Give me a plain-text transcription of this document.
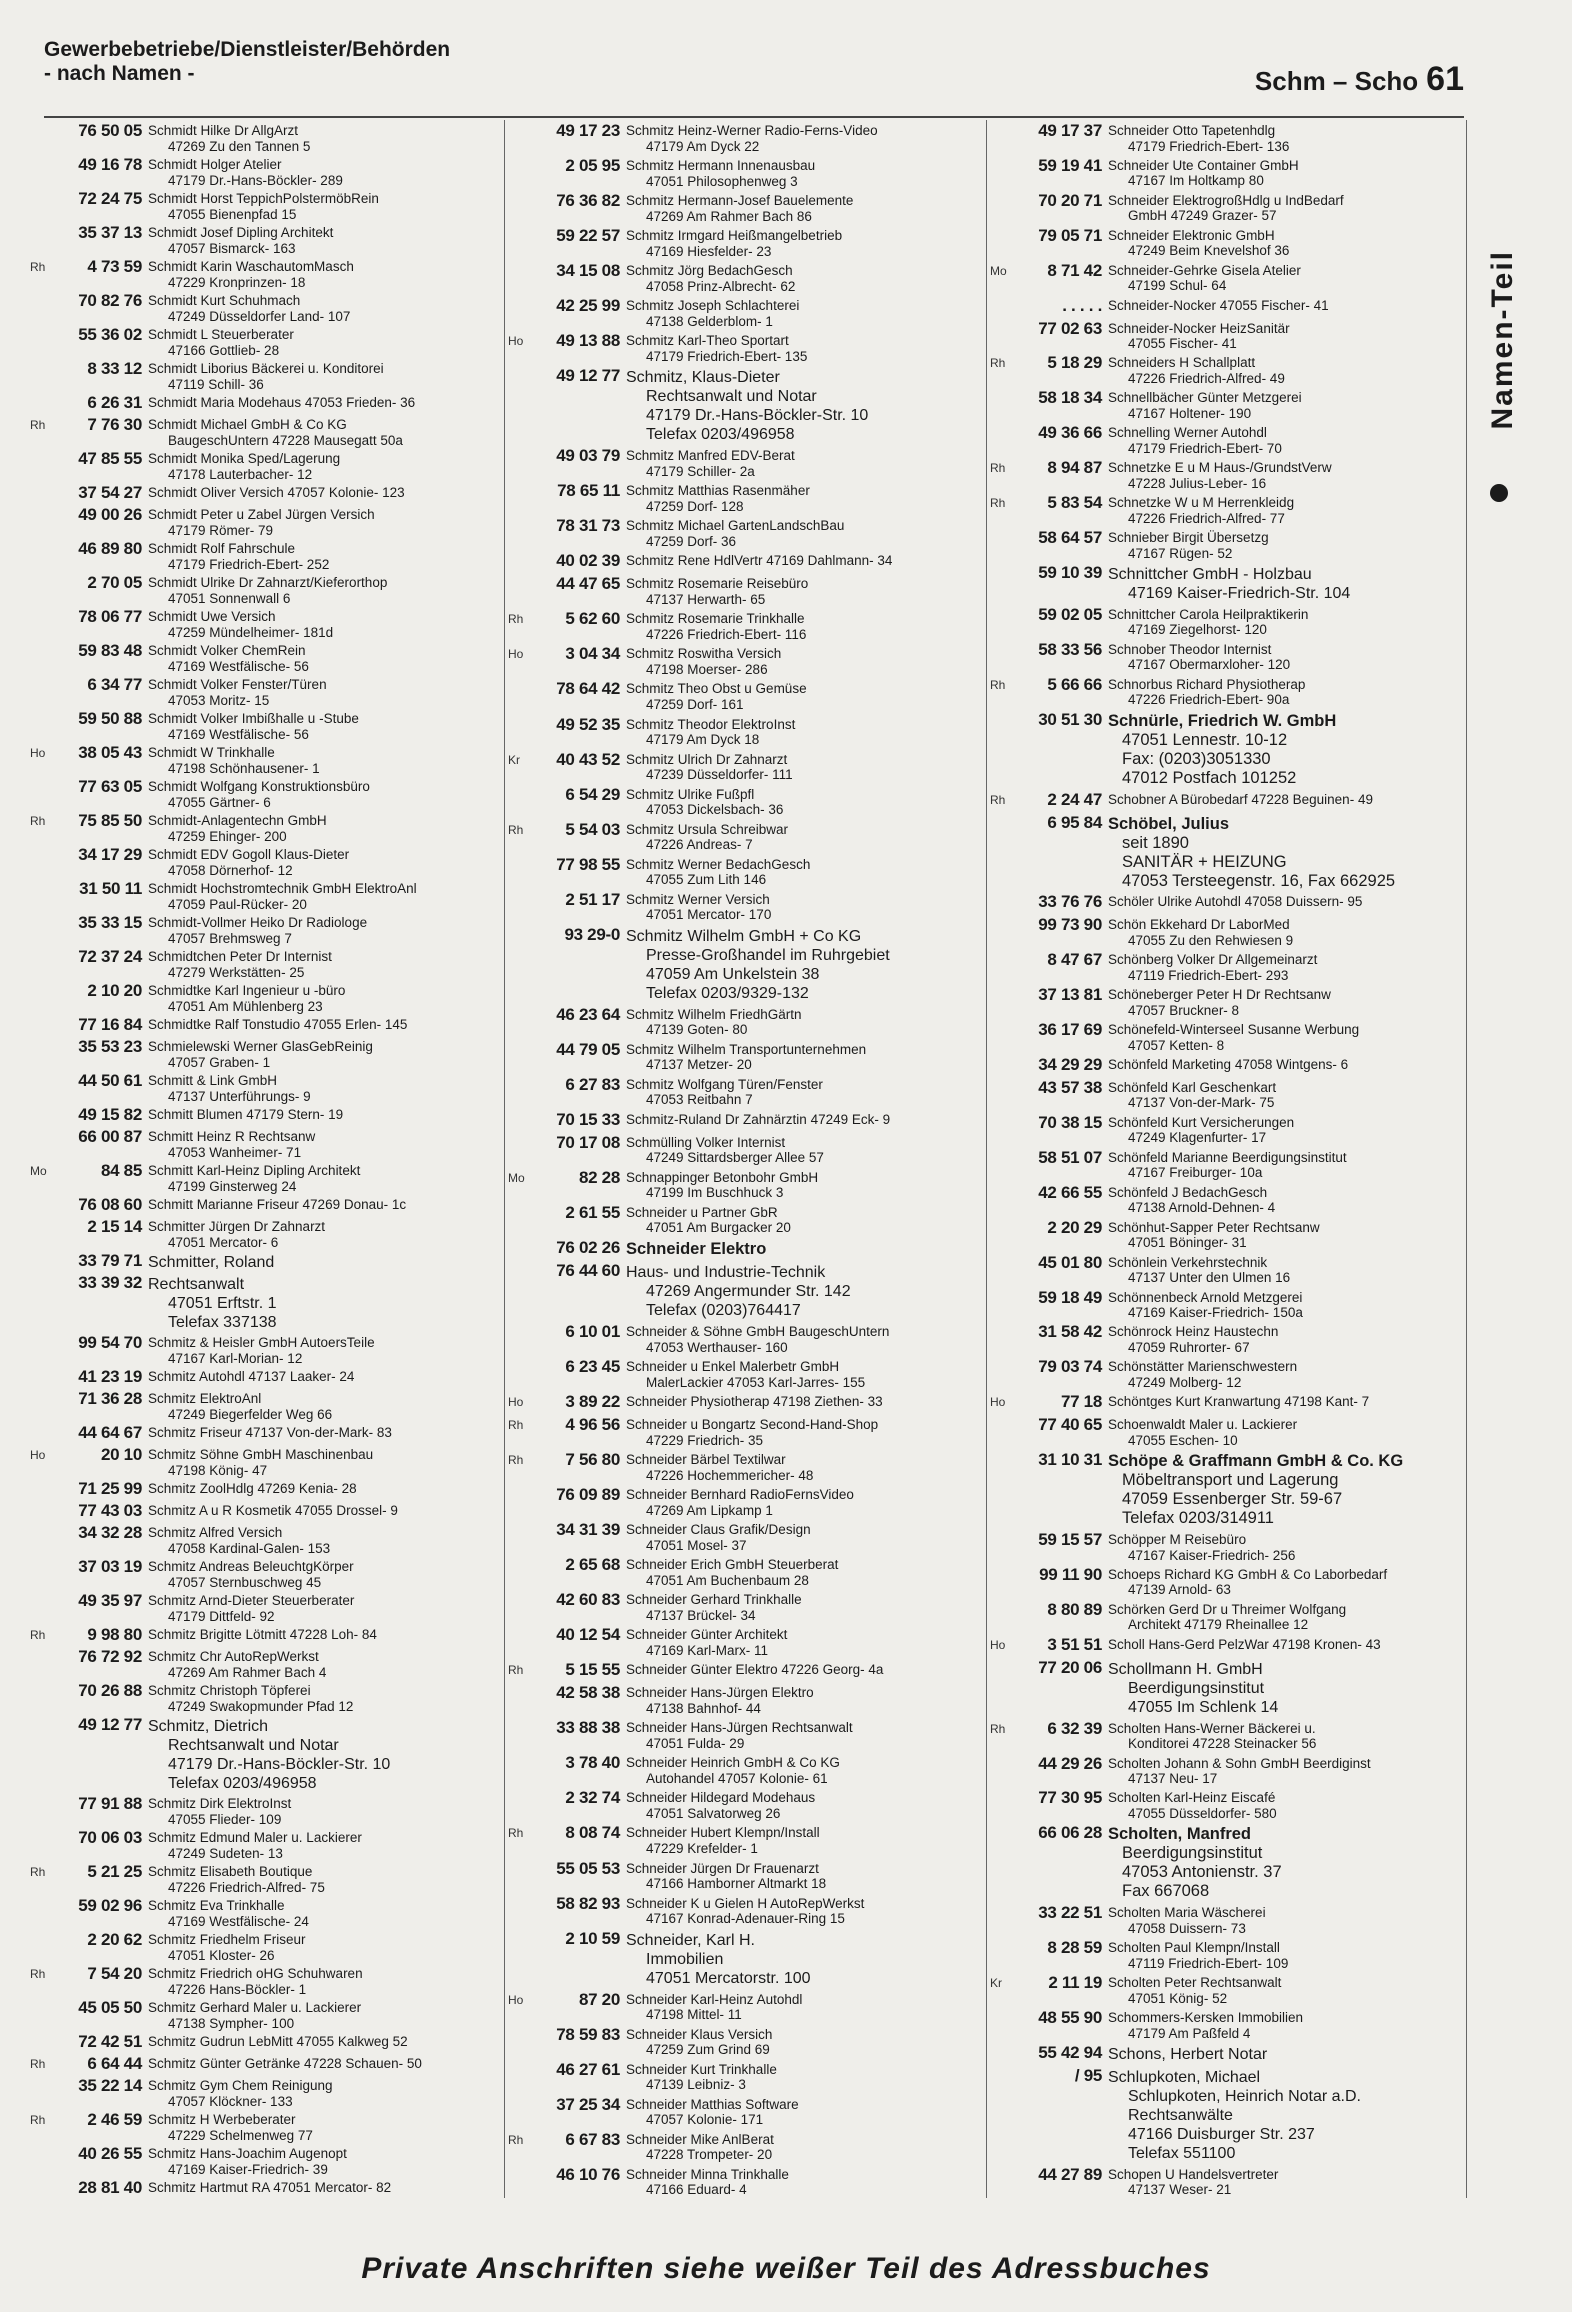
Gewerbebetriebe/Dienstleister/Behörden
- nach Namen -	Schm – Scho 61
76 50 05 Schmidt Hilke Dr AllgArzt
47269 Zu den Tannen 5
49 16 78 Schmidt Holger Atelier
47179 Dr.-Hans-Böckler- 289
72 24 75 Schmidt Horst TeppichPolstermöbRein
47055 Bienenpfad 15
35 37 13 Schmidt Josef Dipling Architekt
47057 Bismarck- 163
Rh	4 73 59 Schmidt Karin WaschautomMasch
47229 Kronprinzen- 18
70 82 76 Schmidt Kurt Schuhmach
47249 Düsseldorfer Land- 107
55 36 02 Schmidt L Steuerberater
47166 Gottlieb- 28
8 33 12 Schmidt Liborius Bäckerei u. Konditorei
47119 Schill- 36
6 26 31 Schmidt Maria Modehaus 47053 Frieden- 36
Rh	7 76 30 Schmidt Michael GmbH & Co KG
BaugeschUntern 47228 Mausegatt 50a
47 85 55 Schmidt Monika Sped/Lagerung
47178 Lauterbacher- 12
37 54 27 Schmidt Oliver Versich 47057 Kolonie- 123
49 00 26 Schmidt Peter u Zabel Jürgen Versich
47179 Römer- 79
46 89 80 Schmidt Rolf Fahrschule
47179 Friedrich-Ebert- 252
2 70 05 Schmidt Ulrike Dr Zahnarzt/Kieferorthop
47051 Sonnenwall 6
78 06 77 Schmidt Uwe Versich
47259 Mündelheimer- 181d
59 83 48 Schmidt Volker ChemRein
47169 Westfälische- 56
6 34 77 Schmidt Volker Fenster/Türen
47053 Moritz- 15
59 50 88 Schmidt Volker Imbißhalle u -Stube
47169 Westfälische- 56
Ho	38 05 43 Schmidt W Trinkhalle
47198 Schönhausener- 1
77 63 05 Schmidt Wolfgang Konstruktionsbüro
47055 Gärtner- 6
Rh	75 85 50 Schmidt-Anlagentechn GmbH
47259 Ehinger- 200
34 17 29 Schmidt EDV Gogoll Klaus-Dieter
47058 Dörnerhof- 12
31 50 11 Schmidt Hochstromtechnik GmbH ElektroAnl
47059 Paul-Rücker- 20
35 33 15 Schmidt-Vollmer Heiko Dr Radiologe
47057 Brehmsweg 7
72 37 24 Schmidtchen Peter Dr Internist
47279 Werkstätten- 25
2 10 20 Schmidtke Karl Ingenieur u -büro
47051 Am Mühlenberg 23
77 16 84 Schmidtke Ralf Tonstudio 47055 Erlen- 145
35 53 23 Schmielewski Werner GlasGebReinig
47057 Graben- 1
44 50 61 Schmitt & Link GmbH
47137 Unterführungs- 9
49 15 82 Schmitt Blumen 47179 Stern- 19
66 00 87 Schmitt Heinz R Rechtsanw
47053 Wanheimer- 71
Mo	84 85 Schmitt Karl-Heinz Dipling Architekt
47199 Ginsterweg 24
76 08 60 Schmitt Marianne Friseur 47269 Donau- 1c
2 15 14 Schmitter Jürgen Dr Zahnarzt
47051 Mercator- 6
33 79 71 Schmitter, Roland
33 39 32 Rechtsanwalt
47051 Erftstr. 1
Telefax 337138
99 54 70 Schmitz & Heisler GmbH AutoersTeile
47167 Karl-Morian- 12
41 23 19 Schmitz Autohdl 47137 Laaker- 24
71 36 28 Schmitz ElektroAnl
47249 Biegerfelder Weg 66
44 64 67 Schmitz Friseur 47137 Von-der-Mark- 83
Ho	20 10 Schmitz Söhne GmbH Maschinenbau
47198 König- 47
71 25 99 Schmitz ZoolHdlg 47269 Kenia- 28
77 43 03 Schmitz A u R Kosmetik 47055 Drossel- 9
34 32 28 Schmitz Alfred Versich
47058 Kardinal-Galen- 153
37 03 19 Schmitz Andreas BeleuchtgKörper
47057 Sternbuschweg 45
49 35 97 Schmitz Arnd-Dieter Steuerberater
47179 Dittfeld- 92
Rh	9 98 80 Schmitz Brigitte Lötmitt 47228 Loh- 84
76 72 92 Schmitz Chr AutoRepWerkst
47269 Am Rahmer Bach 4
70 26 88 Schmitz Christoph Töpferei
47249 Swakopmunder Pfad 12
49 12 77 Schmitz, Dietrich
Rechtsanwalt und Notar
47179 Dr.-Hans-Böckler-Str. 10
Telefax 0203/496958
77 91 88 Schmitz Dirk ElektroInst
47055 Flieder- 109
70 06 03 Schmitz Edmund Maler u. Lackierer
47249 Sudeten- 13
Rh	5 21 25 Schmitz Elisabeth Boutique
47226 Friedrich-Alfred- 75
59 02 96 Schmitz Eva Trinkhalle
47169 Westfälische- 24
2 20 62 Schmitz Friedhelm Friseur
47051 Kloster- 26
Rh	7 54 20 Schmitz Friedrich oHG Schuhwaren
47226 Hans-Böckler- 1
45 05 50 Schmitz Gerhard Maler u. Lackierer
47138 Sympher- 100
72 42 51 Schmitz Gudrun LebMitt 47055 Kalkweg 52
Rh	6 64 44 Schmitz Günter Getränke 47228 Schauen- 50
35 22 14 Schmitz Gym Chem Reinigung
47057 Klöckner- 133
Rh	2 46 59 Schmitz H Werbeberater
47229 Schelmenweg 77
40 26 55 Schmitz Hans-Joachim Augenopt
47169 Kaiser-Friedrich- 39
28 81 40 Schmitz Hartmut RA 47051 Mercator- 82
49 17 23 Schmitz Heinz-Werner Radio-Ferns-Video
47179 Am Dyck 22
2 05 95 Schmitz Hermann Innenausbau
47051 Philosophenweg 3
76 36 82 Schmitz Hermann-Josef Bauelemente
47269 Am Rahmer Bach 86
59 22 57 Schmitz Irmgard Heißmangelbetrieb
47169 Hiesfelder- 23
34 15 08 Schmitz Jörg BedachGesch
47058 Prinz-Albrecht- 62
42 25 99 Schmitz Joseph Schlachterei
47138 Gelderblom- 1
Ho	49 13 88 Schmitz Karl-Theo Sportart
47179 Friedrich-Ebert- 135
49 12 77 Schmitz, Klaus-Dieter
Rechtsanwalt und Notar
47179 Dr.-Hans-Böckler-Str. 10
Telefax 0203/496958
49 03 79 Schmitz Manfred EDV-Berat
47179 Schiller- 2a
78 65 11 Schmitz Matthias Rasenmäher
47259 Dorf- 128
78 31 73 Schmitz Michael GartenLandschBau
47259 Dorf- 36
40 02 39 Schmitz Rene HdlVertr 47169 Dahlmann- 34
44 47 65 Schmitz Rosemarie Reisebüro
47137 Herwarth- 65
Rh	5 62 60 Schmitz Rosemarie Trinkhalle
47226 Friedrich-Ebert- 116
Ho	3 04 34 Schmitz Roswitha Versich
47198 Moerser- 286
78 64 42 Schmitz Theo Obst u Gemüse
47259 Dorf- 161
49 52 35 Schmitz Theodor ElektroInst
47179 Am Dyck 18
Kr	40 43 52 Schmitz Ulrich Dr Zahnarzt
47239 Düsseldorfer- 111
6 54 29 Schmitz Ulrike Fußpfl
47053 Dickelsbach- 36
Rh	5 54 03 Schmitz Ursula Schreibwar
47226 Andreas- 7
77 98 55 Schmitz Werner BedachGesch
47055 Zum Lith 146
2 51 17 Schmitz Werner Versich
47051 Mercator- 170
93 29-0 Schmitz Wilhelm GmbH + Co KG
Presse-Großhandel im Ruhrgebiet
47059 Am Unkelstein 38
Telefax 0203/9329-132
46 23 64 Schmitz Wilhelm FriedhGärtn
47139 Goten- 80
44 79 05 Schmitz Wilhelm Transportunternehmen
47137 Metzer- 20
6 27 83 Schmitz Wolfgang Türen/Fenster
47053 Reitbahn 7
70 15 33 Schmitz-Ruland Dr Zahnärztin 47249 Eck- 9
70 17 08 Schmülling Volker Internist
47249 Sittardsberger Allee 57
Mo	82 28 Schnappinger Betonbohr GmbH
47199 Im Buschhuck 3
2 61 55 Schneider u Partner GbR
47051 Am Burgacker 20
76 02 26 Schneider Elektro
76 44 60 Haus- und Industrie-Technik
47269 Angermunder Str. 142
Telefax (0203)764417
6 10 01 Schneider & Söhne GmbH BaugeschUntern
47053 Werthauser- 160
6 23 45 Schneider u Enkel Malerbetr GmbH
MalerLackier 47053 Karl-Jarres- 155
Ho	3 89 22 Schneider Physiotherap 47198 Ziethen- 33
Rh	4 96 56 Schneider u Bongartz Second-Hand-Shop
47229 Friedrich- 35
Rh	7 56 80 Schneider Bärbel Textilwar
47226 Hochemmericher- 48
76 09 89 Schneider Bernhard RadioFernsVideo
47269 Am Lipkamp 1
34 31 39 Schneider Claus Grafik/Design
47051 Mosel- 37
2 65 68 Schneider Erich GmbH Steuerberat
47051 Am Buchenbaum 28
42 60 83 Schneider Gerhard Trinkhalle
47137 Brückel- 34
40 12 54 Schneider Günter Architekt
47169 Karl-Marx- 11
Rh	5 15 55 Schneider Günter Elektro 47226 Georg- 4a
42 58 38 Schneider Hans-Jürgen Elektro
47138 Bahnhof- 44
33 88 38 Schneider Hans-Jürgen Rechtsanwalt
47051 Fulda- 29
3 78 40 Schneider Heinrich GmbH & Co KG
Autohandel 47057 Kolonie- 61
2 32 74 Schneider Hildegard Modehaus
47051 Salvatorweg 26
Rh	8 08 74 Schneider Hubert Klempn/Install
47229 Krefelder- 1
55 05 53 Schneider Jürgen Dr Frauenarzt
47166 Hamborner Altmarkt 18
58 82 93 Schneider K u Gielen H AutoRepWerkst
47167 Konrad-Adenauer-Ring 15
2 10 59 Schneider, Karl H.
Immobilien
47051 Mercatorstr. 100
Ho	87 20 Schneider Karl-Heinz Autohdl
47198 Mittel- 11
78 59 83 Schneider Klaus Versich
47259 Zum Grind 69
46 27 61 Schneider Kurt Trinkhalle
47139 Leibniz- 3
37 25 34 Schneider Matthias Software
47057 Kolonie- 171
Rh	6 67 83 Schneider Mike AnlBerat
47228 Trompeter- 20
46 10 76 Schneider Minna Trinkhalle
47166 Eduard- 4
49 17 37 Schneider Otto Tapetenhdlg
47179 Friedrich-Ebert- 136
59 19 41 Schneider Ute Container GmbH
47167 Im Holtkamp 80
70 20 71 Schneider ElektrogroßHdlg u IndBedarf
GmbH 47249 Grazer- 57
79 05 71 Schneider Elektronic GmbH
47249 Beim Knevelshof 36
Mo	8 71 42 Schneider-Gehrke Gisela Atelier
47199 Schul- 64
. . . . . Schneider-Nocker 47055 Fischer- 41
77 02 63 Schneider-Nocker HeizSanitär
47055 Fischer- 41
Rh	5 18 29 Schneiders H Schallplatt
47226 Friedrich-Alfred- 49
58 18 34 Schnellbächer Günter Metzgerei
47167 Holtener- 190
49 36 66 Schnelling Werner Autohdl
47179 Friedrich-Ebert- 70
Rh	8 94 87 Schnetzke E u M Haus-/GrundstVerw
47228 Julius-Leber- 16
Rh	5 83 54 Schnetzke W u M Herrenkleidg
47226 Friedrich-Alfred- 77
58 64 57 Schnieber Birgit Übersetzg
47167 Rügen- 52
59 10 39 Schnittcher GmbH - Holzbau
47169 Kaiser-Friedrich-Str. 104
59 02 05 Schnittcher Carola Heilpraktikerin
47169 Ziegelhorst- 120
58 33 56 Schnober Theodor Internist
47167 Obermarxloher- 120
Rh	5 66 66 Schnorbus Richard Physiotherap
47226 Friedrich-Ebert- 90a
30 51 30 Schnürle, Friedrich W. GmbH
47051 Lennestr. 10-12
Fax: (0203)3051330
47012 Postfach 101252
Rh	2 24 47 Schobner A Bürobedarf 47228 Beguinen- 49
6 95 84 Schöbel, Julius
seit 1890
SANITÄR + HEIZUNG
47053 Tersteegenstr. 16, Fax 662925
33 76 76 Schöler Ulrike Autohdl 47058 Duissern- 95
99 73 90 Schön Ekkehard Dr LaborMed
47055 Zu den Rehwiesen 9
8 47 67 Schönberg Volker Dr Allgemeinarzt
47119 Friedrich-Ebert- 293
37 13 81 Schöneberger Peter H Dr Rechtsanw
47057 Bruckner- 8
36 17 69 Schönefeld-Winterseel Susanne Werbung
47057 Ketten- 8
34 29 29 Schönfeld Marketing 47058 Wintgens- 6
43 57 38 Schönfeld Karl Geschenkart
47137 Von-der-Mark- 75
70 38 15 Schönfeld Kurt Versicherungen
47249 Klagenfurter- 17
58 51 07 Schönfeld Marianne Beerdigungsinstitut
47167 Freiburger- 10a
42 66 55 Schönfeld J BedachGesch
47138 Arnold-Dehnen- 4
2 20 29 Schönhut-Sapper Peter Rechtsanw
47051 Böninger- 31
45 01 80 Schönlein Verkehrstechnik
47137 Unter den Ulmen 16
59 18 49 Schönnenbeck Arnold Metzgerei
47169 Kaiser-Friedrich- 150a
31 58 42 Schönrock Heinz Haustechn
47059 Ruhrorter- 67
79 03 74 Schönstätter Marienschwestern
47249 Molberg- 12
Ho	77 18 Schöntges Kurt Kranwartung 47198 Kant- 7
77 40 65 Schoenwaldt Maler u. Lackierer
47055 Eschen- 10
31 10 31 Schöpe & Graffmann GmbH & Co. KG
Möbeltransport und Lagerung
47059 Essenberger Str. 59-67
Telefax 0203/314911
59 15 57 Schöpper M Reisebüro
47167 Kaiser-Friedrich- 256
99 11 90 Schoeps Richard KG GmbH & Co Laborbedarf
47139 Arnold- 63
8 80 89 Schörken Gerd Dr u Threimer Wolfgang
Architekt 47179 Rheinallee 12
Ho	3 51 51 Scholl Hans-Gerd PelzWar 47198 Kronen- 43
77 20 06 Schollmann H. GmbH
Beerdigungsinstitut
47055 Im Schlenk 14
Rh	6 32 39 Scholten Hans-Werner Bäckerei u.
Konditorei 47228 Steinacker 56
44 29 26 Scholten Johann & Sohn GmbH Beerdiginst
47137 Neu- 17
77 30 95 Scholten Karl-Heinz Eiscafé
47055 Düsseldorfer- 580
66 06 28 Scholten, Manfred
Beerdigungsinstitut
47053 Antonienstr. 37
Fax 667068
33 22 51 Scholten Maria Wäscherei
47058 Duissern- 73
8 28 59 Scholten Paul Klempn/Install
47119 Friedrich-Ebert- 109
Kr	2 11 19 Scholten Peter Rechtsanwalt
47051 König- 52
48 55 90 Schommers-Kersken Immobilien
47179 Am Paßfeld 4
55 42 94 Schons, Herbert Notar
/ 95 Schlupkoten, Michael
Schlupkoten, Heinrich Notar a.D.
Rechtsanwälte
47166 Duisburger Str. 237
Telefax 551100
44 27 89 Schopen U Handelsvertreter
47137 Weser- 21
Namen-Teil
Private Anschriften siehe weißer Teil des Adressbuches
